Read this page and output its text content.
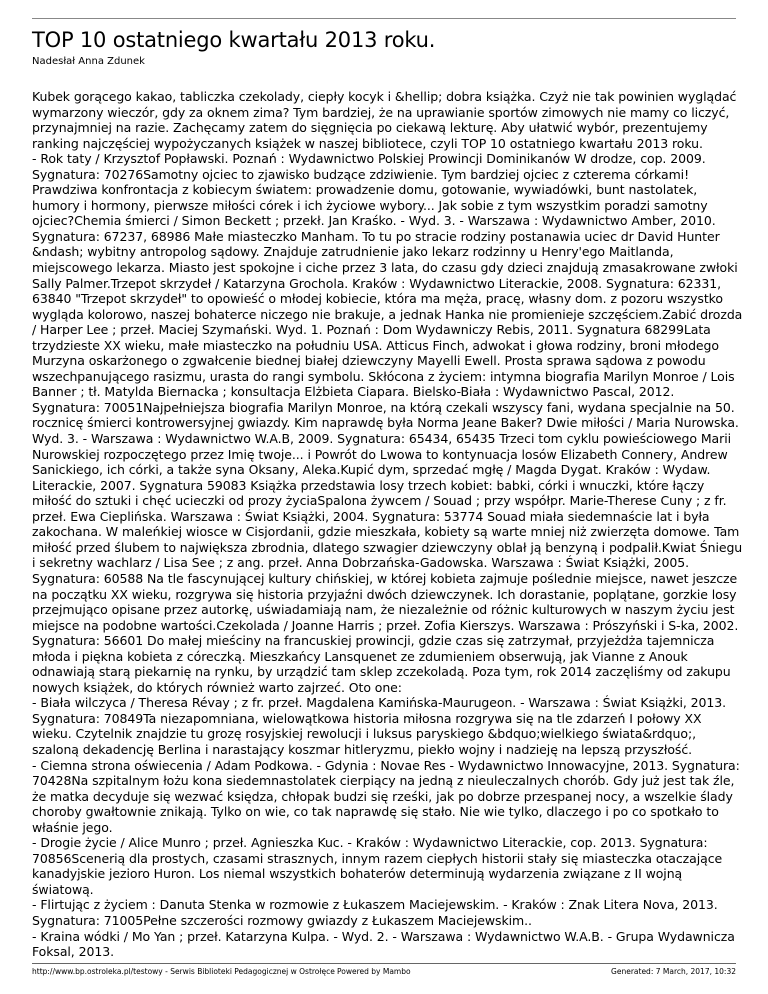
TOP 10 ostatniego kwartału 2013 roku.
Nadesłał Anna Zdunek

Kubek gorącego kakao, tabliczka czekolady, ciepły kocyk i &hellip; dobra książka. Czyż nie tak powinien wyglądać wymarzony wieczór, gdy za oknem zima? Tym bardziej, że na uprawianie sportów zimowych nie mamy co liczyć, przynajmniej na razie. Zachęcamy zatem do sięgnięcia po ciekawą lekturę. Aby ułatwić wybór, prezentujemy ranking najczęściej wypożyczanych książek w naszej bibliotece, czyli TOP 10 ostatniego kwartału 2013 roku.

- Rok taty / Krzysztof Popławski. Poznań : Wydawnictwo Polskiej Prowincji Dominikanów W drodze, cop. 2009. Sygnatura: 70276Samotny ojciec to zjawisko budzące zdziwienie. Tym bardziej ojciec z czterema córkami! Prawdziwa konfrontacja z kobiecym światem: prowadzenie domu, gotowanie, wywiadówki, bunt nastolatek, humory i hormony, pierwsze miłości córek i ich życiowe wybory... Jak sobie z tym wszystkim poradzi samotny ojciec?Chemia śmierci / Simon Beckett ; przekł. Jan Kraśko. - Wyd. 3. - Warszawa : Wydawnictwo Amber, 2010. Sygnatura: 67237, 68986 Małe miasteczko Manham. To tu po stracie rodziny postanawia uciec dr David Hunter &ndash; wybitny antropolog sądowy. Znajduje zatrudnienie jako lekarz rodzinny u Henry'ego Maitlanda, miejscowego lekarza. Miasto jest spokojne i ciche przez 3 lata, do czasu gdy dzieci znajdują zmasakrowane zwłoki Sally Palmer.Trzepot skrzydeł / Katarzyna Grochola. Kraków : Wydawnictwo Literackie, 2008. Sygnatura: 62331, 63840 "Trzepot skrzydeł" to opowieść o młodej kobiecie, która ma męża, pracę, własny dom. z pozoru wszystko wygląda kolorowo, naszej bohaterce niczego nie brakuje, a jednak Hanka nie promienieje szczęściem.Zabić drozda / Harper Lee ; przeł. Maciej Szymański. Wyd. 1. Poznań : Dom Wydawniczy Rebis, 2011. Sygnatura 68299Lata trzydzieste XX wieku, małe miasteczko na południu USA. Atticus Finch, adwokat i głowa rodziny, broni młodego Murzyna oskarżonego o zgwałcenie biednej białej dziewczyny Mayelli Ewell. Prosta sprawa sądowa z powodu wszechpanującego rasizmu, urasta do rangi symbolu. Skłócona z życiem: intymna biografia Marilyn Monroe / Lois Banner ; tł. Matylda Biernacka ; konsultacja Elżbieta Ciapara. Bielsko-Biała : Wydawnictwo Pascal, 2012. Sygnatura: 70051Najpełniejsza biografia Marilyn Monroe, na którą czekali wszyscy fani, wydana specjalnie na 50. rocznicę śmierci kontrowersyjnej gwiazdy. Kim naprawdę była Norma Jeane Baker? Dwie miłości / Maria Nurowska. Wyd. 3. - Warszawa : Wydawnictwo W.A.B, 2009. Sygnatura: 65434, 65435 Trzeci tom cyklu powieściowego Marii Nurowskiej rozpoczętego przez Imię twoje... i Powrót do Lwowa to kontynuacja losów Elizabeth Connery, Andrew Sanickiego, ich córki, a także syna Oksany, Aleka.Kupić dym, sprzedać mgłę / Magda Dygat. Kraków : Wydaw. Literackie, 2007. Sygnatura 59083 Książka przedstawia losy trzech kobiet: babki, córki i wnuczki, które łączy miłość do sztuki i chęć ucieczki od prozy życiaSpalona żywcem / Souad ; przy współpr. Marie-Therese Cuny ; z fr. przeł. Ewa Cieplińska. Warszawa : Świat Książki, 2004. Sygnatura: 53774 Souad miała siedemnaście lat i była zakochana. W maleńkiej wiosce w Cisjordanii, gdzie mieszkała, kobiety są warte mniej niż zwierzęta domowe. Tam miłość przed ślubem to największa zbrodnia, dlatego szwagier dziewczyny oblał ją benzyną i podpalił.Kwiat Śniegu i sekretny wachlarz / Lisa See ; z ang. przeł. Anna Dobrzańska-Gadowska. Warszawa : Świat Książki, 2005. Sygnatura: 60588 Na tle fascynującej kultury chińskiej, w której kobieta zajmuje poślednie miejsce, nawet jeszcze na początku XX wieku, rozgrywa się historia przyjaźni dwóch dziewczynek. Ich dorastanie, poplątane, gorzkie losy przejmująco opisane przez autorkę, uświadamiają nam, że niezależnie od różnic kulturowych w naszym życiu jest miejsce na podobne wartości.Czekolada / Joanne Harris ; przeł. Zofia Kierszys. Warszawa : Prószyński i S-ka, 2002. Sygnatura: 56601 Do małej mieściny na francuskiej prowincji, gdzie czas się zatrzymał, przyjeżdża tajemnicza młoda i piękna kobieta z córeczką. Mieszkańcy Lansquenet ze zdumieniem obserwują, jak Vianne z Anouk odnawiają starą piekarnię na rynku, by urządzić tam sklep zczekoladą. Poza tym, rok 2014 zaczęliśmy od zakupu nowych książek, do których również warto zajrzeć. Oto one:

- Biała wilczyca / Theresa Révay ; z fr. przeł. Magdalena Kamińska-Maurugeon. - Warszawa : Świat Książki, 2013. Sygnatura: 70849Ta niezapomniana, wielowątkowa historia miłosna rozgrywa się na tle zdarzeń I połowy XX wieku. Czytelnik znajdzie tu grozę rosyjskiej rewolucji i luksus paryskiego &bdquo;wielkiego świata&rdquo;, szaloną dekadencję Berlina i narastający koszmar hitleryzmu, piekło wojny i nadzieję na lepszą przyszłość.

- Ciemna strona oświecenia / Adam Podkowa. - Gdynia : Novae Res - Wydawnictwo Innowacyjne, 2013. Sygnatura: 70428Na szpitalnym łożu kona siedemnastolatek cierpiący na jedną z nieuleczalnych chorób. Gdy już jest tak źle, że matka decyduje się wezwać księdza, chłopak budzi się rześki, jak po dobrze przespanej nocy, a wszelkie ślady choroby gwałtownie znikają. Tylko on wie, co tak naprawdę się stało. Nie wie tylko, dlaczego i po co spotkało to właśnie jego.

- Drogie życie / Alice Munro ; przeł. Agnieszka Kuc. - Kraków : Wydawnictwo Literackie, cop. 2013. Sygnatura: 70856Scenerią dla prostych, czasami strasznych, innym razem ciepłych historii stały się miasteczka otaczające kanadyjskie jezioro Huron. Los niemal wszystkich bohaterów determinują wydarzenia związane z II wojną światową.

- Flirtując z życiem : Danuta Stenka w rozmowie z Łukaszem Maciejewskim. - Kraków : Znak Litera Nova, 2013. Sygnatura: 71005Pełne szczerości rozmowy gwiazdy z Łukaszem Maciejewskim..

- Kraina wódki / Mo Yan ; przeł. Katarzyna Kulpa. - Wyd. 2. - Warszawa : Wydawnictwo W.A.B. - Grupa Wydawnicza Foksal, 2013.

http://www.bp.ostroleka.pl/testowy - Serwis Biblioteki Pedagogicznej w Ostrołęce Powered by Mambo	Generated: 7 March, 2017, 10:32
